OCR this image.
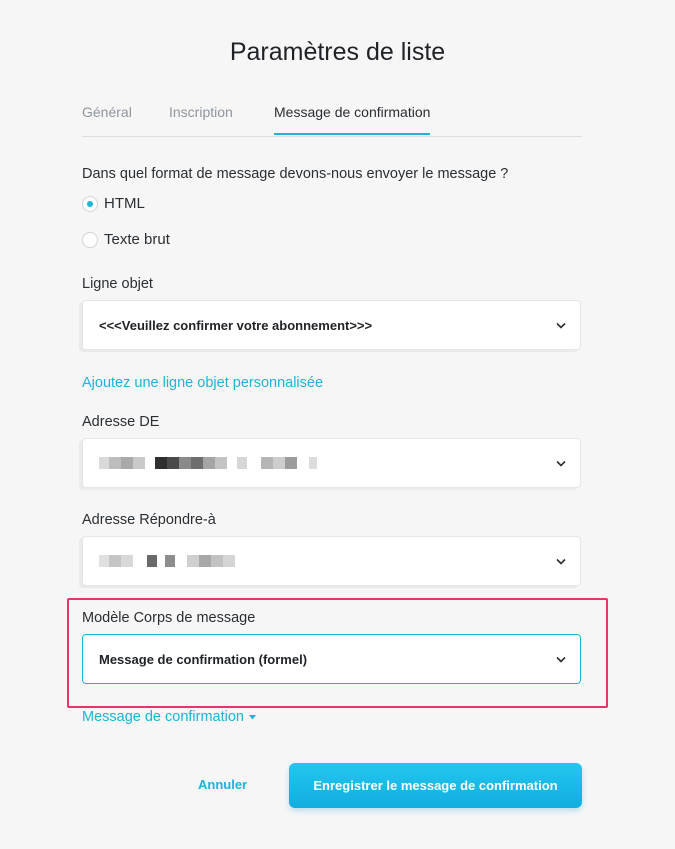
Paramètres de liste
Général	Inscription	Message de confirmation
Dans quel format de message devons-nous envoyer le message ?
HTML
Texte brut
Ligne objet
<<<Veuillez confirmer votre abonnement>>>
Ajoutez une ligne objet personnalisée
Adresse DE
Adresse Répondre-à
Modèle Corps de message
Message de confirmation (formel)
Message de confirmation
Annuler	Enregistrer le message de confirmation
